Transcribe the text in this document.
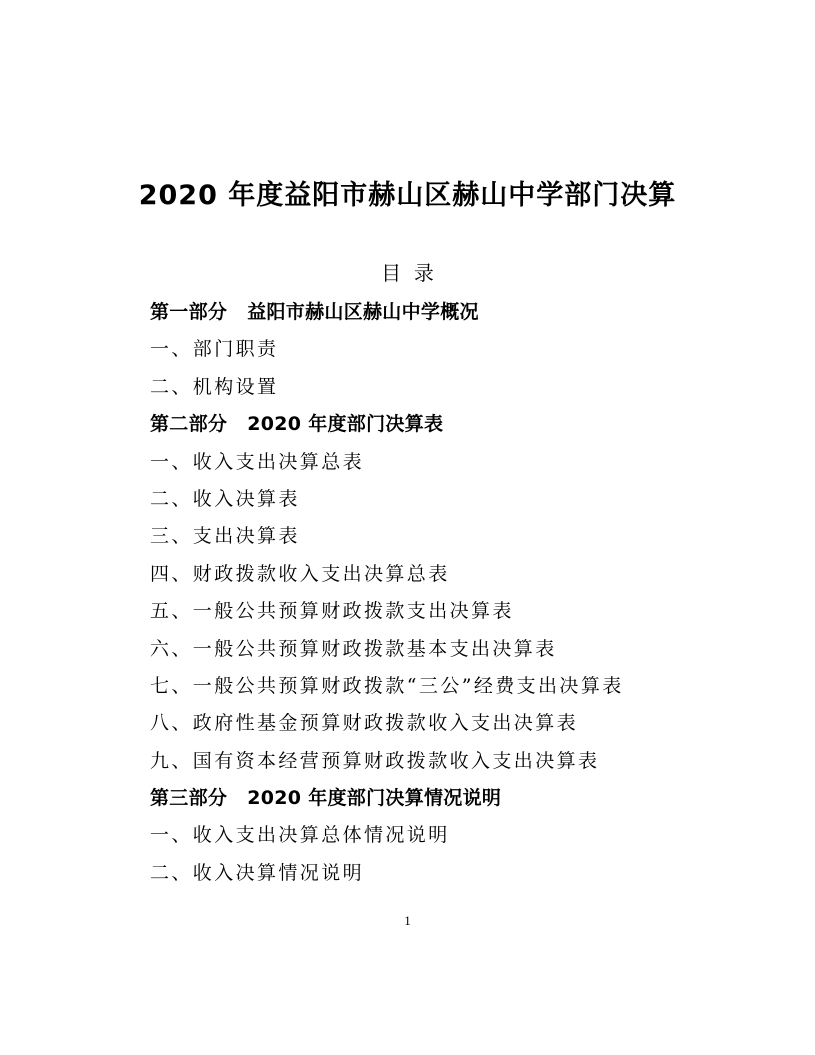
2020 年度益阳市赫山区赫山中学部门决算
目  录
第一部分 益阳市赫山区赫山中学概况
一、部门职责
二、机构设置
第二部分 2020 年度部门决算表
一、收入支出决算总表
二、收入决算表
三、支出决算表
四、财政拨款收入支出决算总表
五、一般公共预算财政拨款支出决算表
六、一般公共预算财政拨款基本支出决算表
七、一般公共预算财政拨款“三公”经费支出决算表
八、政府性基金预算财政拨款收入支出决算表
九、国有资本经营预算财政拨款收入支出决算表
第三部分 2020 年度部门决算情况说明
一、收入支出决算总体情况说明
二、收入决算情况说明
1
